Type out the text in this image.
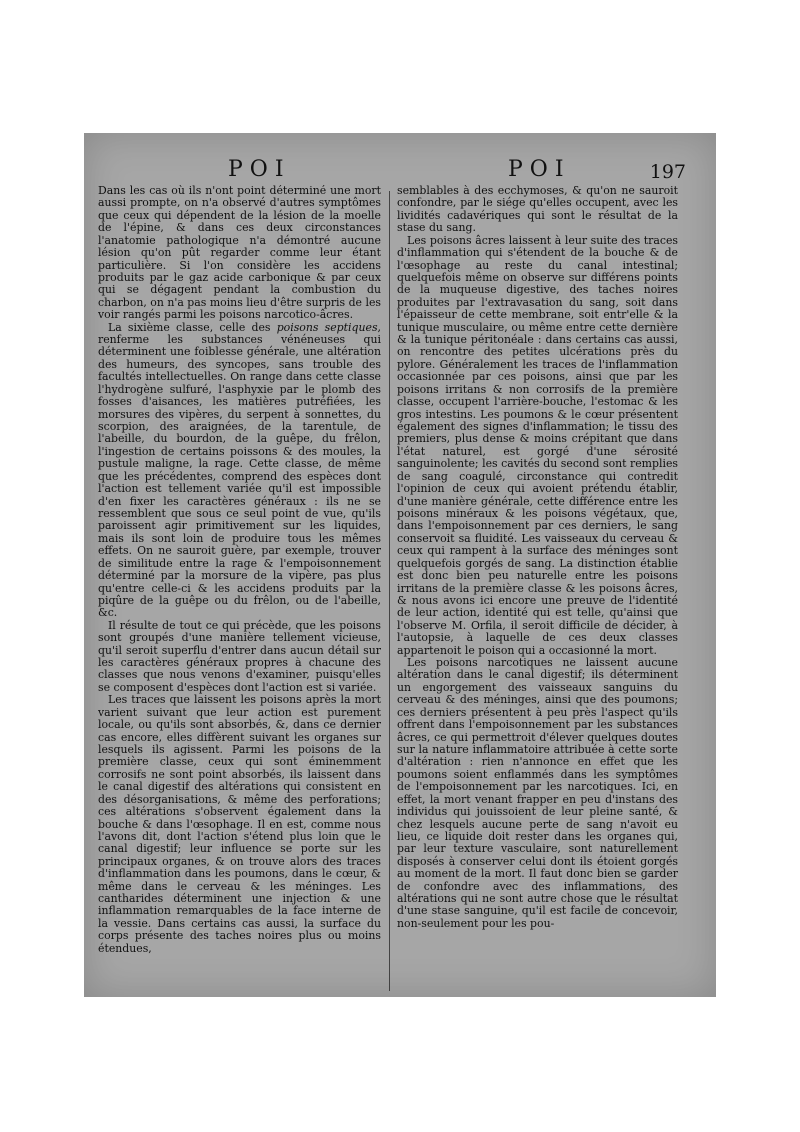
POI	POI	197

Dans les cas où ils n'ont point déterminé une mort aussi prompte, on n'a observé d'autres symptômes que ceux qui dépendent de la lésion de la moelle de l'épine, & dans ces deux circonstances l'anatomie pathologique n'a démontré aucune lésion qu'on pût regarder comme leur étant particulière. Si l'on considère les accidens produits par le gaz acide carbonique & par ceux qui se dégagent pendant la combustion du charbon, on n'a pas moins lieu d'être surpris de les voir rangés parmi les poisons narcotico-âcres.

La sixième classe, celle des poisons septiques, renferme les substances vénéneuses qui déterminent une foiblesse générale, une altération des humeurs, des syncopes, sans trouble des facultés intellectuelles. On range dans cette classe l'hydrogène sulfuré, l'asphyxie par le plomb des fosses d'aisances, les matières putréfiées, les morsures des vipères, du serpent à sonnettes, du scorpion, des araignées, de la tarentule, de l'abeille, du bourdon, de la guêpe, du frêlon, l'ingestion de certains poissons & des moules, la pustule maligne, la rage. Cette classe, de même que les précédentes, comprend des espèces dont l'action est tellement variée qu'il est impossible d'en fixer les caractères généraux : ils ne se ressemblent que sous ce seul point de vue, qu'ils paroissent agir primitivement sur les liquides, mais ils sont loin de produire tous les mêmes effets. On ne sauroit guère, par exemple, trouver de similitude entre la rage & l'empoisonnement déterminé par la morsure de la vipère, pas plus qu'entre celle-ci & les accidens produits par la piqûre de la guêpe ou du frêlon, ou de l'abeille, &c.

Il résulte de tout ce qui précède, que les poisons sont groupés d'une manière tellement vicieuse, qu'il seroit superflu d'entrer dans aucun détail sur les caractères généraux propres à chacune des classes que nous venons d'examiner, puisqu'elles se composent d'espèces dont l'action est si variée.

Les traces que laissent les poisons après la mort varient suivant que leur action est purement locale, ou qu'ils sont absorbés, &, dans ce dernier cas encore, elles diffèrent suivant les organes sur lesquels ils agissent. Parmi les poisons de la première classe, ceux qui sont éminemment corrosifs ne sont point absorbés, ils laissent dans le canal digestif des altérations qui consistent en des désorganisations, & même des perforations; ces altérations s'observent également dans la bouche & dans l'œsophage. Il en est, comme nous l'avons dit, dont l'action s'étend plus loin que le canal digestif; leur influence se porte sur les principaux organes, & on trouve alors des traces d'inflammation dans les poumons, dans le cœur, & même dans le cerveau & les méninges. Les cantharides déterminent une injection & une inflammation remarquables de la face interne de la vessie. Dans certains cas aussi, la surface du corps présente des taches noires plus ou moins étendues,

semblables à des ecchymoses, & qu'on ne sauroit confondre, par le siége qu'elles occupent, avec les lividités cadavériques qui sont le résultat de la stase du sang.

Les poisons âcres laissent à leur suite des traces d'inflammation qui s'étendent de la bouche & de l'œsophage au reste du canal intestinal; quelquefois même on observe sur différens points de la muqueuse digestive, des taches noires produites par l'extravasation du sang, soit dans l'épaisseur de cette membrane, soit entr'elle & la tunique musculaire, ou même entre cette dernière & la tunique péritonéale : dans certains cas aussi, on rencontre des petites ulcérations près du pylore. Généralement les traces de l'inflammation occasionnée par ces poisons, ainsi que par les poisons irritans & non corrosifs de la première classe, occupent l'arrière-bouche, l'estomac & les gros intestins. Les poumons & le cœur présentent également des signes d'inflammation; le tissu des premiers, plus dense & moins crépitant que dans l'état naturel, est gorgé d'une sérosité sanguinolente; les cavités du second sont remplies de sang coagulé, circonstance qui contredit l'opinion de ceux qui avoient prétendu établir, d'une manière générale, cette différence entre les poisons minéraux & les poisons végétaux, que, dans l'empoisonnement par ces derniers, le sang conservoit sa fluidité. Les vaisseaux du cerveau & ceux qui rampent à la surface des méninges sont quelquefois gorgés de sang. La distinction établie est donc bien peu naturelle entre les poisons irritans de la première classe & les poisons âcres, & nous avons ici encore une preuve de l'identité de leur action, identité qui est telle, qu'ainsi que l'observe M. Orfila, il seroit difficile de décider, à l'autopsie, à laquelle de ces deux classes appartenoit le poison qui a occasionné la mort.

Les poisons narcotiques ne laissent aucune altération dans le canal digestif; ils déterminent un engorgement des vaisseaux sanguins du cerveau & des méninges, ainsi que des poumons; ces derniers présentent à peu près l'aspect qu'ils offrent dans l'empoisonnement par les substances âcres, ce qui permettroit d'élever quelques doutes sur la nature inflammatoire attribuée à cette sorte d'altération : rien n'annonce en effet que les poumons soient enflammés dans les symptômes de l'empoisonnement par les narcotiques. Ici, en effet, la mort venant frapper en peu d'instans des individus qui jouissoient de leur pleine santé, & chez lesquels aucune perte de sang n'avoit eu lieu, ce liquide doit rester dans les organes qui, par leur texture vasculaire, sont naturellement disposés à conserver celui dont ils étoient gorgés au moment de la mort. Il faut donc bien se garder de confondre avec des inflammations, des altérations qui ne sont autre chose que le résultat d'une stase sanguine, qu'il est facile de concevoir, non-seulement pour les pou-
